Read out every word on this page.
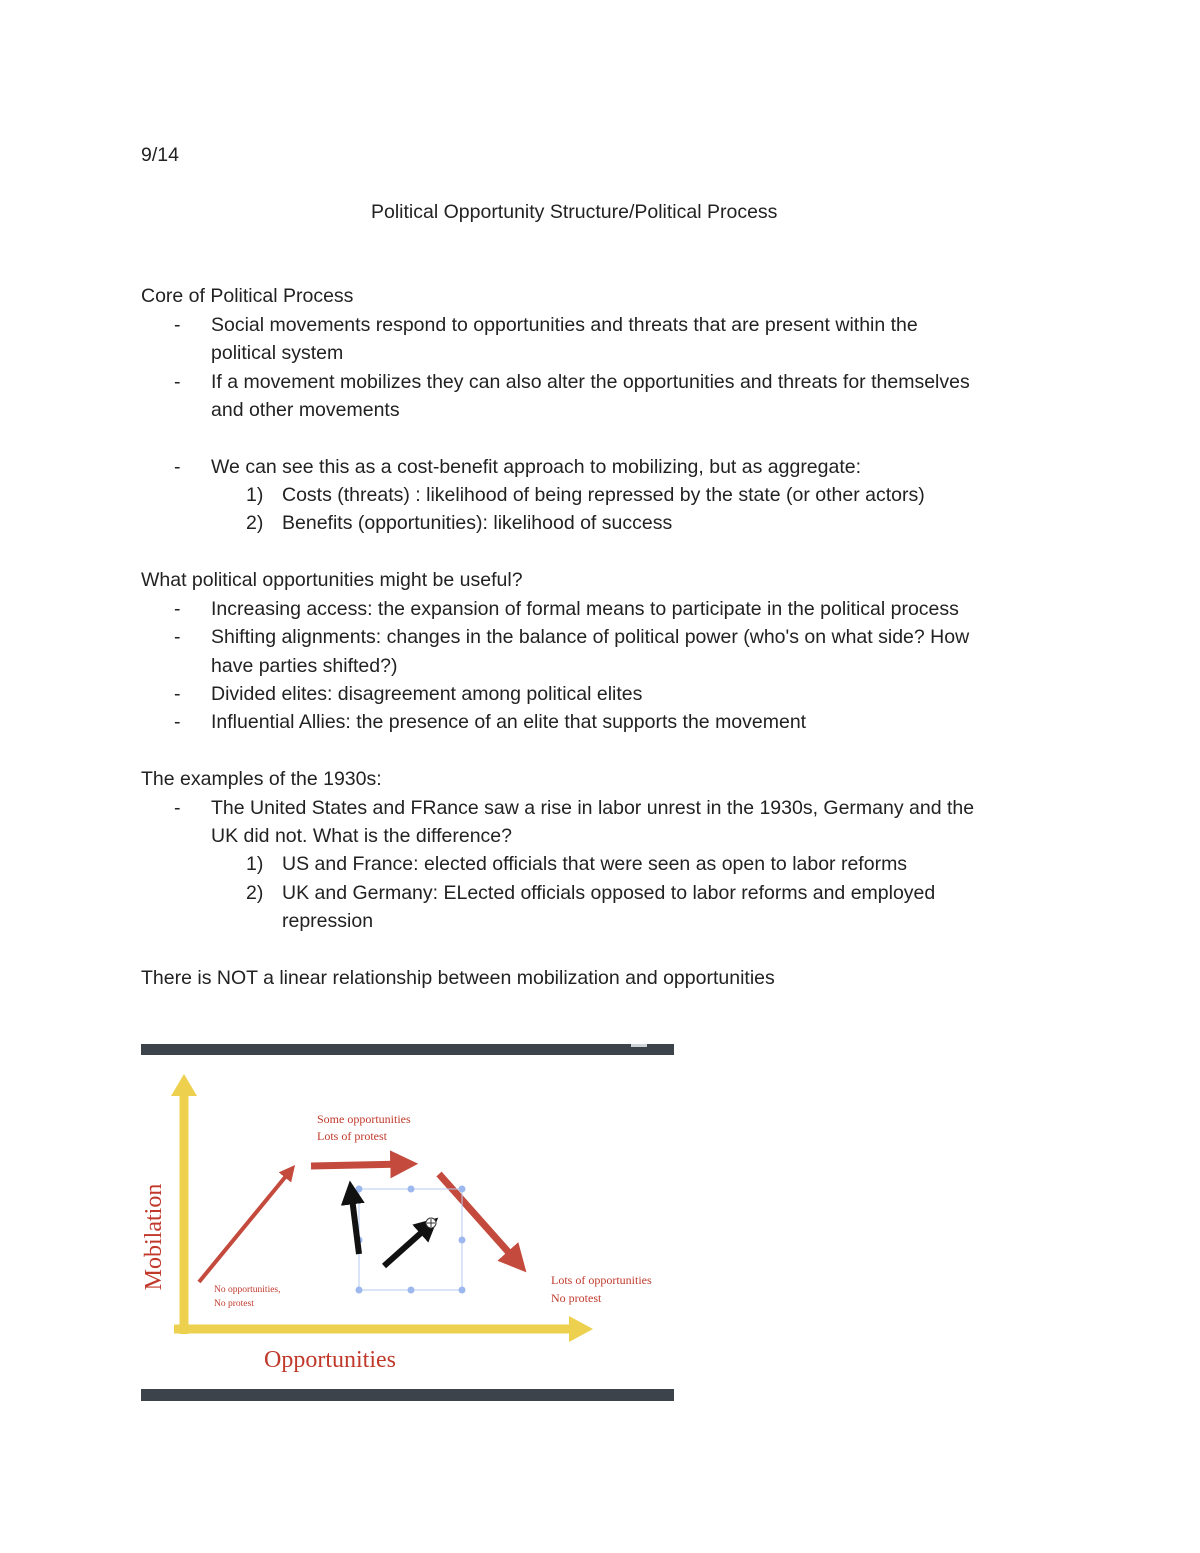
9/14
Political Opportunity Structure/Political Process
Core of Political Process
- Social movements respond to opportunities and threats that are present within the
political system
- If a movement mobilizes they can also alter the opportunities and threats for themselves
and other movements
- We can see this as a cost-benefit approach to mobilizing, but as aggregate:
1) Costs (threats) : likelihood of being repressed by the state (or other actors)
2) Benefits (opportunities): likelihood of success
What political opportunities might be useful?
- Increasing access: the expansion of formal means to participate in the political process
- Shifting alignments: changes in the balance of political power (who's on what side? How
have parties shifted?)
- Divided elites: disagreement among political elites
- Influential Allies: the presence of an elite that supports the movement
The examples of the 1930s:
- The United States and FRance saw a rise in labor unrest in the 1930s, Germany and the
UK did not. What is the difference?
1) US and France: elected officials that were seen as open to labor reforms
2) UK and Germany: ELected officials opposed to labor reforms and employed
repression
There is NOT a linear relationship between mobilization and opportunities
Mobilation
Opportunities
No opportunities,
No protest
Some opportunities
Lots of protest
Lots of opportunities
No protest
